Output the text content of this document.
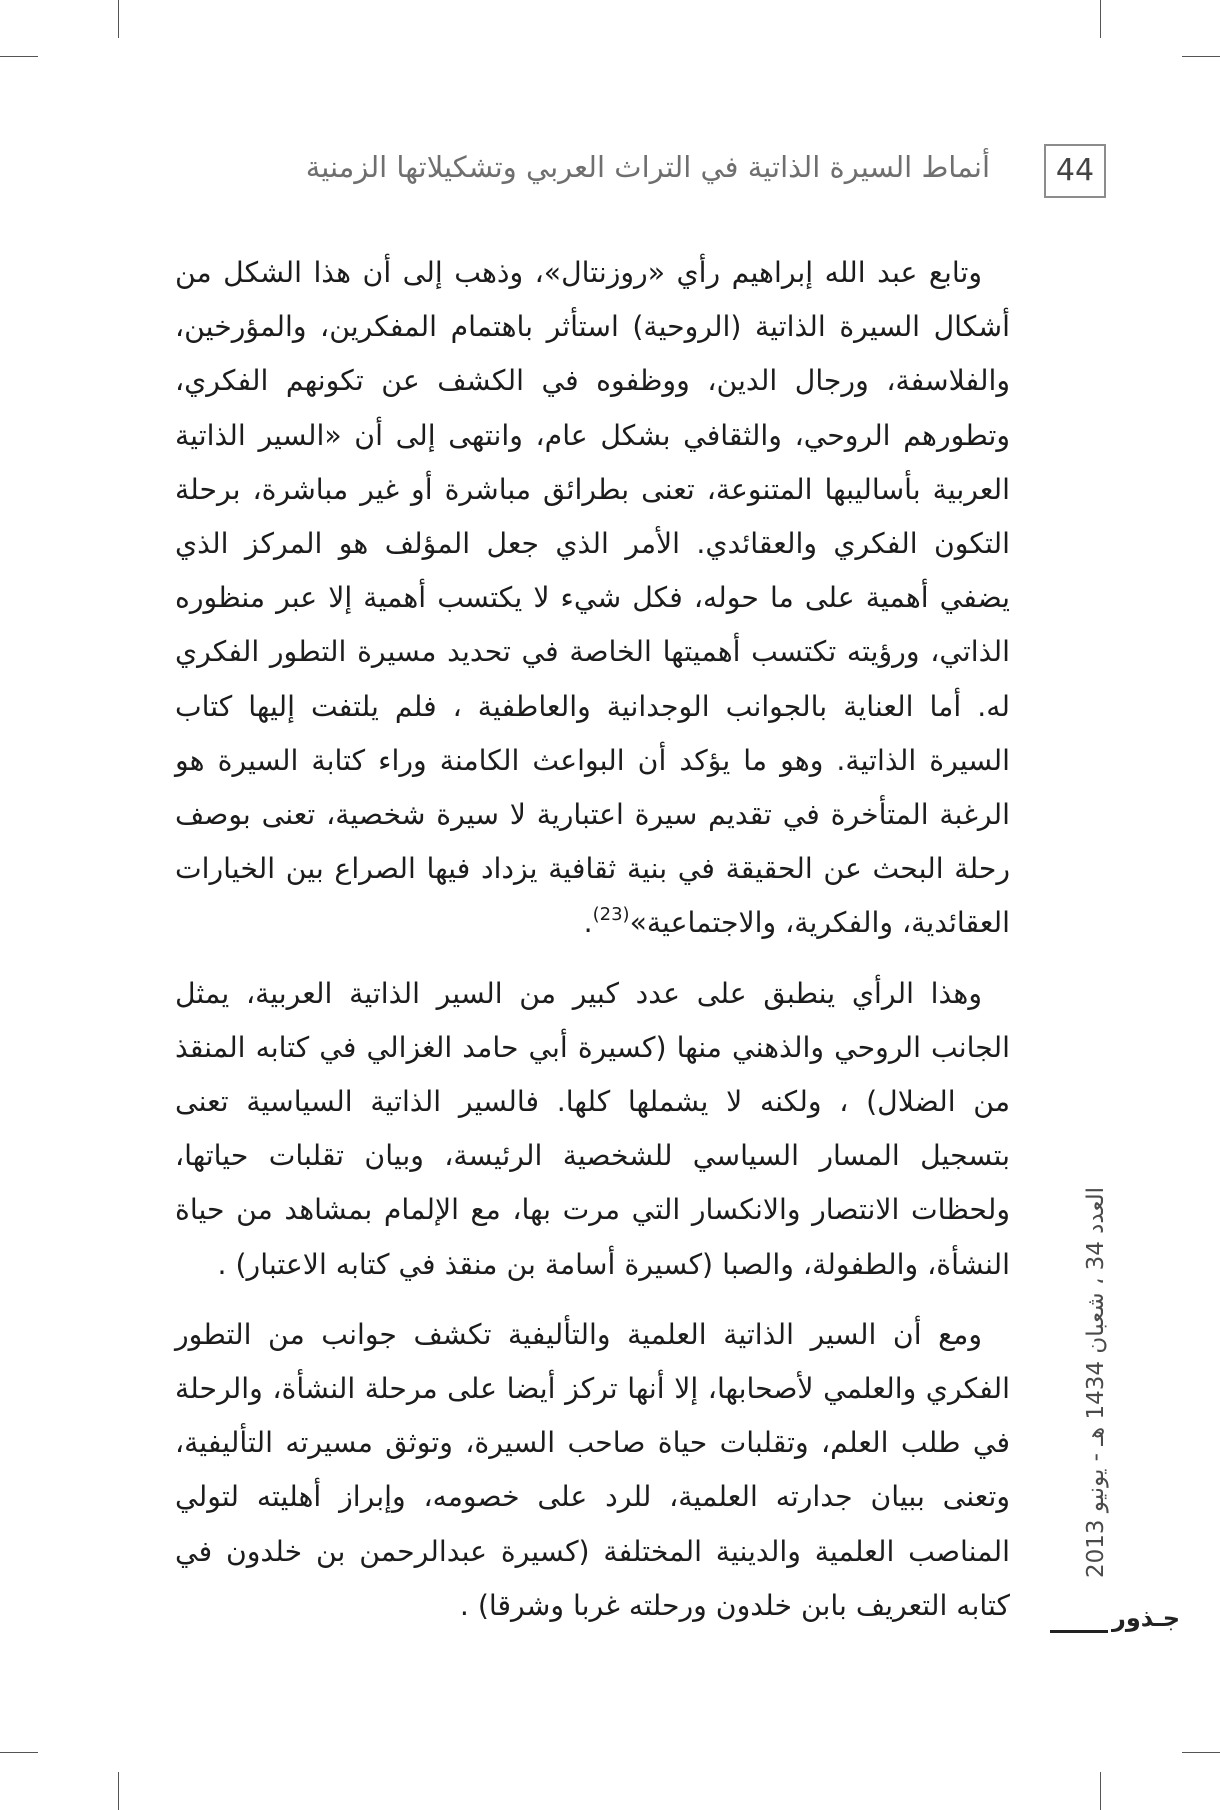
44
أنماط السيرة الذاتية في التراث العربي وتشكيلاتها الزمنية

وتابع عبد الله إبراهيم رأي «روزنتال»، وذهب إلى أن هذا الشكل من أشكال السيرة الذاتية (الروحية) استأثر باهتمام المفكرين، والمؤرخين، والفلاسفة، ورجال الدين، ووظفوه في الكشف عن تكونهم الفكري، وتطورهم الروحي، والثقافي بشكل عام، وانتهى إلى أن «السير الذاتية العربية بأساليبها المتنوعة، تعنى بطرائق مباشرة أو غير مباشرة، برحلة التكون الفكري والعقائدي. الأمر الذي جعل المؤلف هو المركز الذي يضفي أهمية على ما حوله، فكل شيء لا يكتسب أهمية إلا عبر منظوره الذاتي، ورؤيته تكتسب أهميتها الخاصة في تحديد مسيرة التطور الفكري له. أما العناية بالجوانب الوجدانية والعاطفية ، فلم يلتفت إليها كتاب السيرة الذاتية. وهو ما يؤكد أن البواعث الكامنة وراء كتابة السيرة هو الرغبة المتأخرة في تقديم سيرة اعتبارية لا سيرة شخصية، تعنى بوصف رحلة البحث عن الحقيقة في بنية ثقافية يزداد فيها الصراع بين الخيارات العقائدية، والفكرية، والاجتماعية»$^{(23)}$.

وهذا الرأي ينطبق على عدد كبير من السير الذاتية العربية، يمثل الجانب الروحي والذهني منها (كسيرة أبي حامد الغزالي في كتابه المنقذ من الضلال) ، ولكنه لا يشملها كلها. فالسير الذاتية السياسية تعنى بتسجيل المسار السياسي للشخصية الرئيسة، وبيان تقلبات حياتها، ولحظات الانتصار والانكسار التي مرت بها، مع الإلمام بمشاهد من حياة النشأة، والطفولة، والصبا (كسيرة أسامة بن منقذ في كتابه الاعتبار) .

ومع أن السير الذاتية العلمية والتأليفية تكشف جوانب من التطور الفكري والعلمي لأصحابها، إلا أنها تركز أيضا على مرحلة النشأة، والرحلة في طلب العلم، وتقلبات حياة صاحب السيرة، وتوثق مسيرته التأليفية، وتعنى ببيان جدارته العلمية، للرد على خصومه، وإبراز أهليته لتولي المناصب العلمية والدينية المختلفة (كسيرة عبدالرحمن بن خلدون في كتابه التعريف بابن خلدون ورحلته غربا وشرقا) .

العدد 34 ، شعبان 1434 هـ - يونيو 2013
جـذور
